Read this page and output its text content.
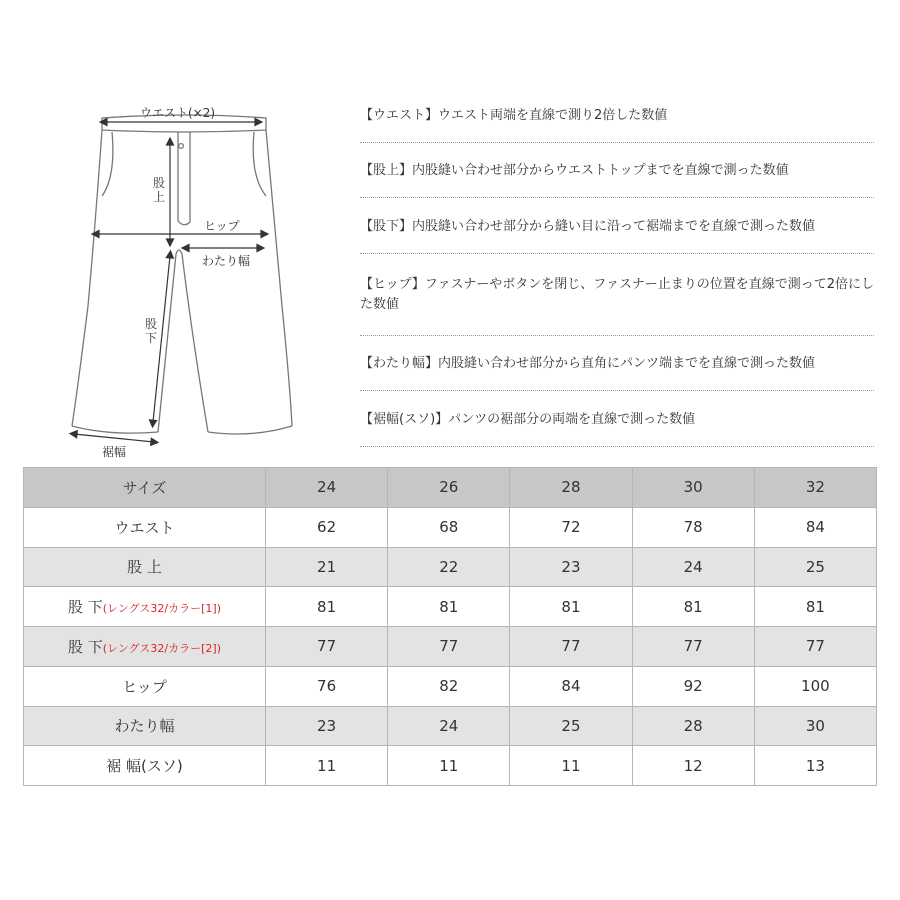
ウエスト(×2)
股上
ヒップ
わたり幅
股下
裾幅
【ウエスト】ウエスト両端を直線で測り2倍した数値
【股上】内股縫い合わせ部分からウエストトップまでを直線で測った数値
【股下】内股縫い合わせ部分から縫い目に沿って裾端までを直線で測った数値
【ヒップ】ファスナーやボタンを閉じ、ファスナー止まりの位置を直線で測って2倍にした数値
【わたり幅】内股縫い合わせ部分から直角にパンツ端までを直線で測った数値
【裾幅(スソ)】パンツの裾部分の両端を直線で測った数値
サイズ	24	26	28	30	32
ウエスト	62	68	72	78	84
股 上	21	22	23	24	25
股 下(レングス32/カラー[1])	81	81	81	81	81
股 下(レングス32/カラー[2])	77	77	77	77	77
ヒップ	76	82	84	92	100
わたり幅	23	24	25	28	30
裾 幅(スソ)	11	11	11	12	13
